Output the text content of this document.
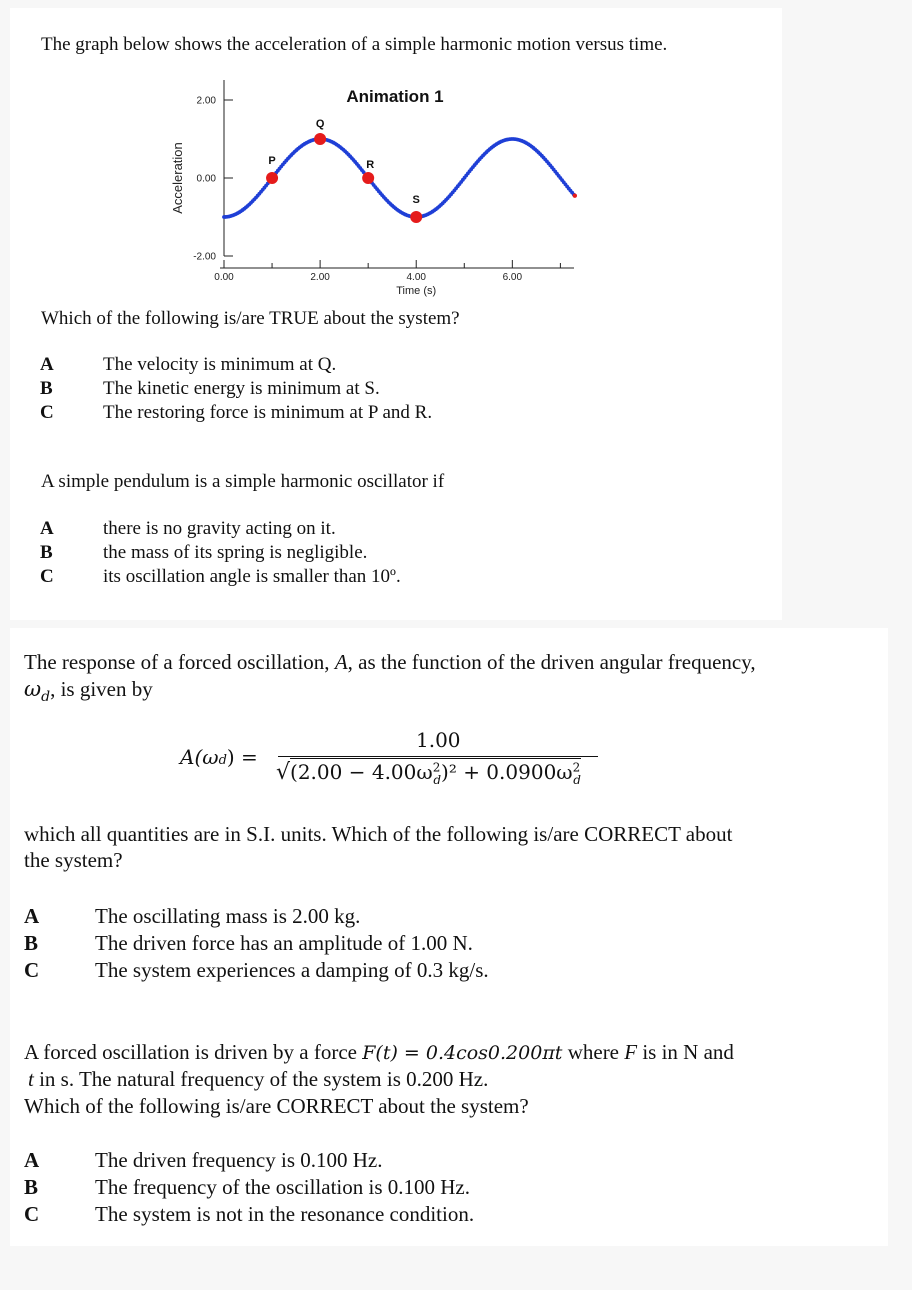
The graph below shows the acceleration of a simple harmonic motion versus time.
2.00
0.00
-2.00
0.00	2.00	4.00	6.00
Time (s)
Acceleration
Animation 1
P
Q
R
S
Which of the following is/are TRUE about the system?
A	The velocity is minimum at Q.
B	The kinetic energy is minimum at S.
C	The restoring force is minimum at P and R.
A simple pendulum is a simple harmonic oscillator if
A	there is no gravity acting on it.
B	the mass of its spring is negligible.
C	its oscillation angle is smaller than 10º.
The response of a forced oscillation, A, as the function of the driven angular frequency,
$\omega_d$, is given by
A(ωd) =
1.00
$√(2.00 - 4.00\omega^2_d)^2 + 0.0900\omega^2_d$
which all quantities are in S.I. units. Which of the following is/are CORRECT about
the system?
A	The oscillating mass is 2.00 kg.
B	The driven force has an amplitude of 1.00 N.
C	The system experiences a damping of 0.3 kg/s.
A forced oscillation is driven by a force F(t) = 0.4cos0.200πt where F is in N and
t in s. The natural frequency of the system is 0.200 Hz.
Which of the following is/are CORRECT about the system?
A	The driven frequency is 0.100 Hz.
B	The frequency of the oscillation is 0.100 Hz.
C	The system is not in the resonance condition.
